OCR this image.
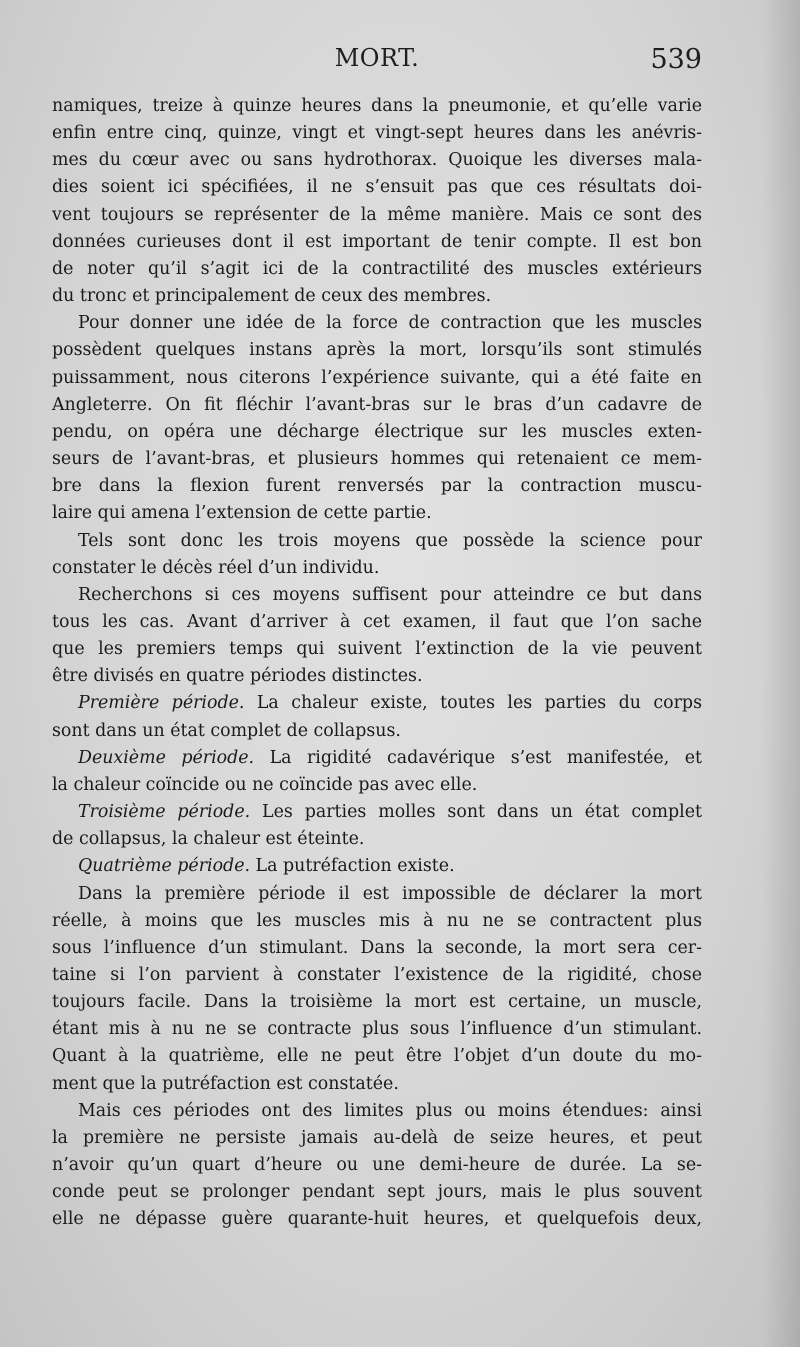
MORT.	539
namiques, treize à quinze heures dans la pneumonie, et qu’elle varie
enfin entre cinq, quinze, vingt et vingt-sept heures dans les anévris-
mes du cœur avec ou sans hydrothorax. Quoique les diverses mala-
dies soient ici spécifiées, il ne s’ensuit pas que ces résultats doi-
vent toujours se représenter de la même manière. Mais ce sont des
données curieuses dont il est important de tenir compte. Il est bon
de noter qu’il s’agit ici de la contractilité des muscles extérieurs
du tronc et principalement de ceux des membres.
Pour donner une idée de la force de contraction que les muscles
possèdent quelques instans après la mort, lorsqu’ils sont stimulés
puissamment, nous citerons l’expérience suivante, qui a été faite en
Angleterre. On fit fléchir l’avant-bras sur le bras d’un cadavre de
pendu, on opéra une décharge électrique sur les muscles exten-
seurs de l’avant-bras, et plusieurs hommes qui retenaient ce mem-
bre dans la flexion furent renversés par la contraction muscu-
laire qui amena l’extension de cette partie.
Tels sont donc les trois moyens que possède la science pour
constater le décès réel d’un individu.
Recherchons si ces moyens suffisent pour atteindre ce but dans
tous les cas. Avant d’arriver à cet examen, il faut que l’on sache
que les premiers temps qui suivent l’extinction de la vie peuvent
être divisés en quatre périodes distinctes.
Première période. La chaleur existe, toutes les parties du corps
sont dans un état complet de collapsus.
Deuxième période. La rigidité cadavérique s’est manifestée, et
la chaleur coïncide ou ne coïncide pas avec elle.
Troisième période. Les parties molles sont dans un état complet
de collapsus, la chaleur est éteinte.
Quatrième période. La putréfaction existe.
Dans la première période il est impossible de déclarer la mort
réelle, à moins que les muscles mis à nu ne se contractent plus
sous l’influence d’un stimulant. Dans la seconde, la mort sera cer-
taine si l’on parvient à constater l’existence de la rigidité, chose
toujours facile. Dans la troisième la mort est certaine, un muscle,
étant mis à nu ne se contracte plus sous l’influence d’un stimulant.
Quant à la quatrième, elle ne peut être l’objet d’un doute du mo-
ment que la putréfaction est constatée.
Mais ces périodes ont des limites plus ou moins étendues: ainsi
la première ne persiste jamais au-delà de seize heures, et peut
n’avoir qu’un quart d’heure ou une demi-heure de durée. La se-
conde peut se prolonger pendant sept jours, mais le plus souvent
elle ne dépasse guère quarante-huit heures, et quelquefois deux,
